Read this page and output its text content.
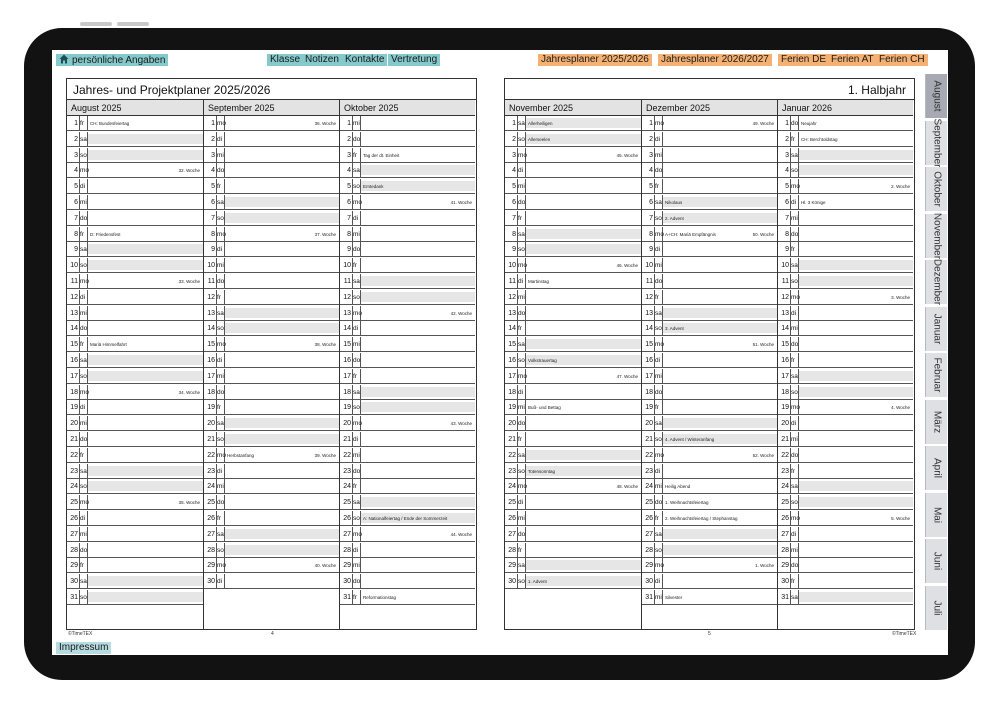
persönliche Angaben	Klasse Notizen Kontakte Vertretung	Jahresplaner 2025/2026	Jahresplaner 2026/2027	Ferien DE Ferien AT Ferien CH
Jahres- und Projektplaner 2025/2026
August 2025
1 fr	CH: Bundesfeiertag
2 sa
3 so
4 mo	32. Woche
5 di
6 mi
7 do
8 fr	D: Friedensfest
9 sa
10 so
11 mo	33. Woche
12 di
13 mi
14 do
15 fr	Mariä Himmelfahrt
16 sa
17 so
18 mo	34. Woche
19 di
20 mi
21 do
22 fr
23 sa
24 so
25 mo	35. Woche
26 di
27 mi
28 do
29 fr
30 sa
31 so
September 2025
1 mo	36. Woche
2 di
3 mi
4 do
5 fr
6 sa
7 so
8 mo	37. Woche
9 di
10 mi
11 do
12 fr
13 sa
14 so
15 mo	38. Woche
16 di
17 mi
18 do
19 fr
20 sa
21 so
22 mo Herbstanfang	39. Woche
23 di
24 mi
25 do
26 fr
27 sa
28 so
29 mo	40. Woche
30 di
Oktober 2025
1 mi
2 do
3 fr	Tag der dt. Einheit
4 sa
5 so Erntedank
6 mo	41. Woche
7 di
8 mi
9 do
10 fr
11 sa
12 so
13 mo	42. Woche
14 di
15 mi
16 do
17 fr
18 sa
19 so
20 mo	43. Woche
21 di
22 mi
23 do
24 fr
25 sa
26 so A: Nationalfeiertag / Ende der Sommerzeit
27 mo	44. Woche
28 di
29 mi
30 do
31 fr	Reformationstag
1. Halbjahr
November 2025
1 sa Allerheiligen
2 so Allerseelen
3 mo	45. Woche
4 di
5 mi
6 do
7 fr
8 sa
9 so
10 mo	46. Woche
11 di	Martinstag
12 mi
13 do
14 fr
15 sa
16 so Volkstrauertag
17 mo	47. Woche
18 di
19 mi Buß- und Bettag
20 do
21 fr
22 sa
23 so Totensonntag
24 mo	48. Woche
25 di
26 mi
27 do
28 fr
29 sa
30 so 1. Advent
Dezember 2025
1 mo	49. Woche
2 di
3 mi
4 do
5 fr
6 sa Nikolaus
7 so 2. Advent
8 mo A+CH: Mariä Empfängnis	50. Woche
9 di
10 mi
11 do
12 fr
13 sa
14 so 3. Advent
15 mo	51. Woche
16 di
17 mi
18 do
19 fr
20 sa
21 so 4. Advent / Winteranfang
22 mo	52. Woche
23 di
24 mi Heilig Abend
25 do 1. Weihnachtsfeiertag
26 fr	2. Weihnachtsfeiertag / Stephanstag
27 sa
28 so
29 mo	1. Woche
30 di
31 mi Silvester
Januar 2026
1 do Neujahr
2 fr	CH: Berchtoldstag
3 sa
4 so
5 mo	2. Woche
6 di	Hl. 3 Könige
7 mi
8 do
9 fr
10 sa
11 so
12 mo	3. Woche
13 di
14 mi
15 do
16 fr
17 sa
18 so
19 mo	4. Woche
20 di
21 mi
22 do
23 fr
24 sa
25 so
26 mo	5. Woche
27 di
28 mi
29 do
30 fr
31 sa
©TimeTEX	4	5	©TimeTEX
Impressum
August
September
Oktober
November
Dezember
Januar
Februar
März
April
Mai
Juni
Juli
